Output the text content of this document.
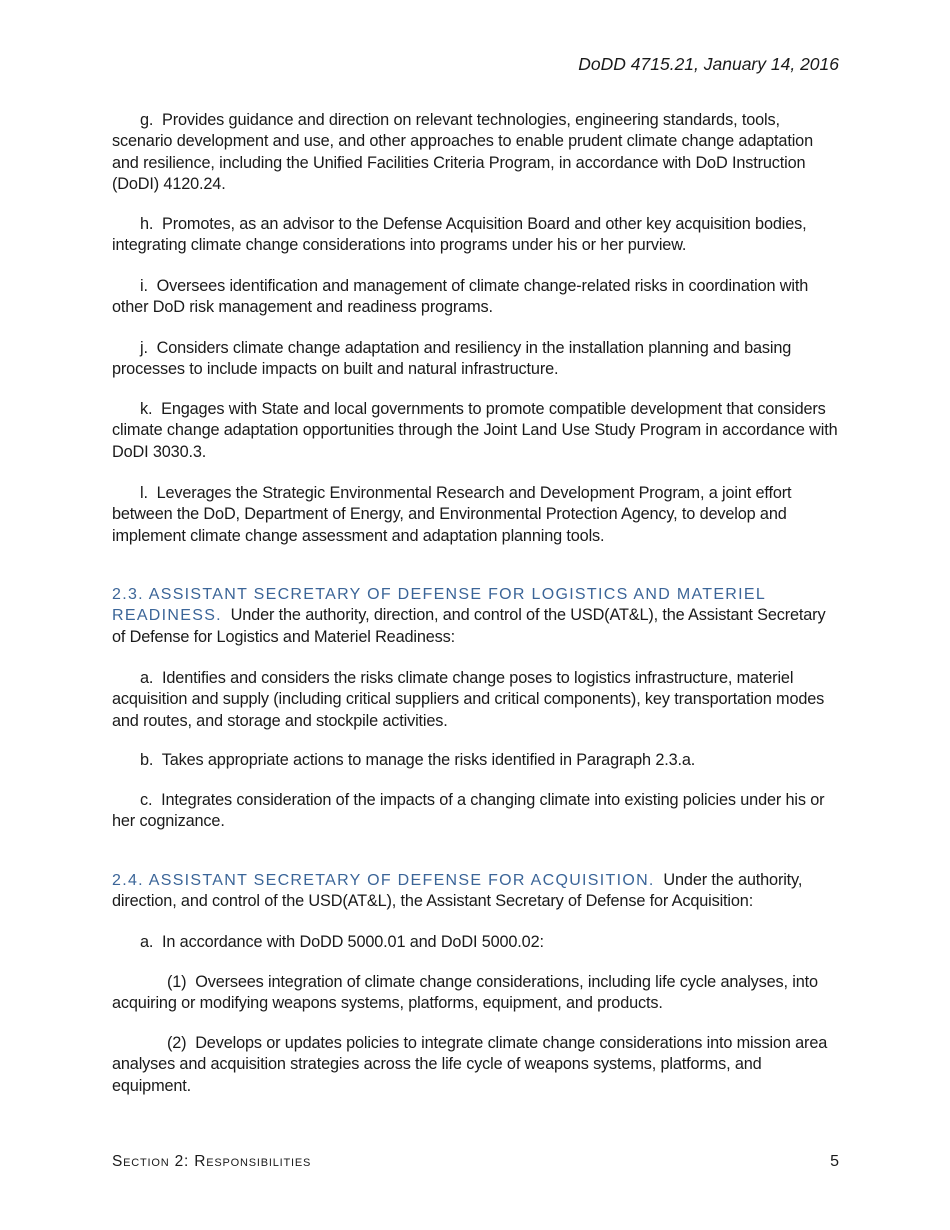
DoDD 4715.21, January 14, 2016
g. Provides guidance and direction on relevant technologies, engineering standards, tools, scenario development and use, and other approaches to enable prudent climate change adaptation and resilience, including the Unified Facilities Criteria Program, in accordance with DoD Instruction (DoDI) 4120.24.
h. Promotes, as an advisor to the Defense Acquisition Board and other key acquisition bodies, integrating climate change considerations into programs under his or her purview.
i. Oversees identification and management of climate change-related risks in coordination with other DoD risk management and readiness programs.
j. Considers climate change adaptation and resiliency in the installation planning and basing processes to include impacts on built and natural infrastructure.
k. Engages with State and local governments to promote compatible development that considers climate change adaptation opportunities through the Joint Land Use Study Program in accordance with DoDI 3030.3.
l. Leverages the Strategic Environmental Research and Development Program, a joint effort between the DoD, Department of Energy, and Environmental Protection Agency, to develop and implement climate change assessment and adaptation planning tools.
2.3. ASSISTANT SECRETARY OF DEFENSE FOR LOGISTICS AND MATERIEL READINESS. Under the authority, direction, and control of the USD(AT&L), the Assistant Secretary of Defense for Logistics and Materiel Readiness:
a. Identifies and considers the risks climate change poses to logistics infrastructure, materiel acquisition and supply (including critical suppliers and critical components), key transportation modes and routes, and storage and stockpile activities.
b. Takes appropriate actions to manage the risks identified in Paragraph 2.3.a.
c. Integrates consideration of the impacts of a changing climate into existing policies under his or her cognizance.
2.4. ASSISTANT SECRETARY OF DEFENSE FOR ACQUISITION. Under the authority, direction, and control of the USD(AT&L), the Assistant Secretary of Defense for Acquisition:
a. In accordance with DoDD 5000.01 and DoDI 5000.02:
(1) Oversees integration of climate change considerations, including life cycle analyses, into acquiring or modifying weapons systems, platforms, equipment, and products.
(2) Develops or updates policies to integrate climate change considerations into mission area analyses and acquisition strategies across the life cycle of weapons systems, platforms, and equipment.
Section 2: Responsibilities	5
